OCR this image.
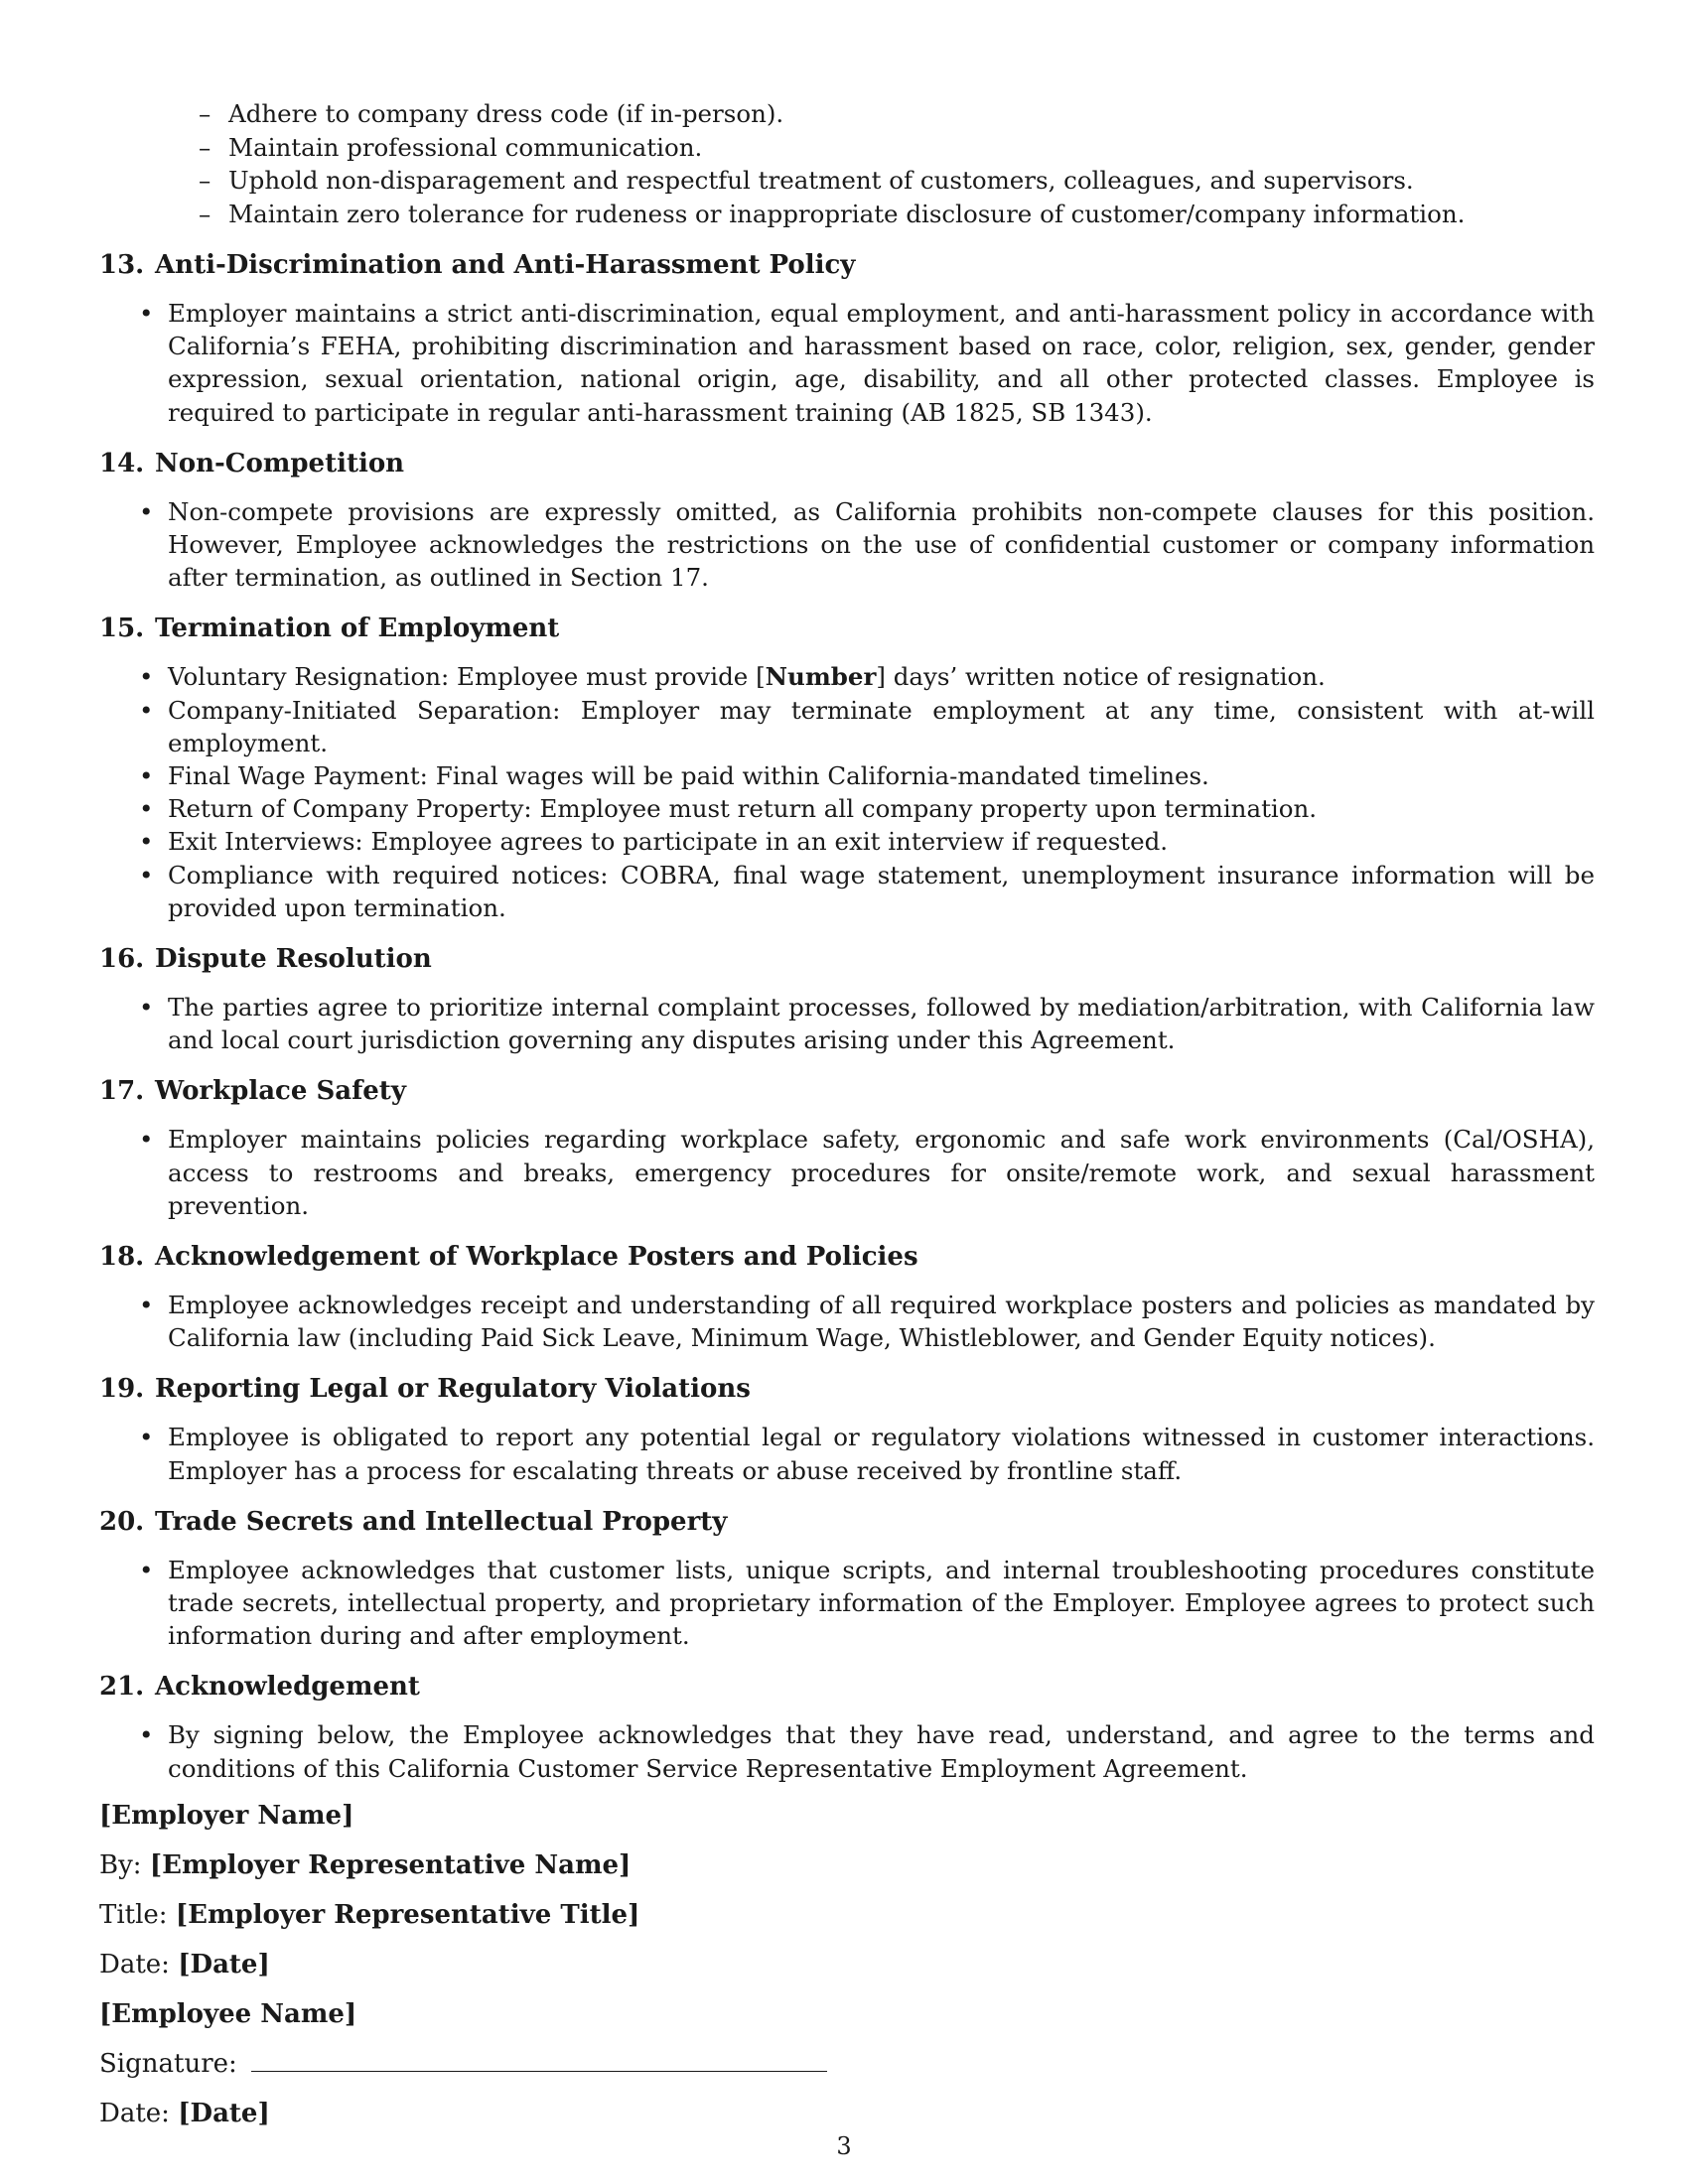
– Adhere to company dress code (if in-person).
– Maintain professional communication.
– Uphold non-disparagement and respectful treatment of customers, colleagues, and supervisors.
– Maintain zero tolerance for rudeness or inappropriate disclosure of customer/company information.
13. Anti-Discrimination and Anti-Harassment Policy
• Employer maintains a strict anti-discrimination, equal employment, and anti-harassment policy in accordance with California’s FEHA, prohibiting discrimination and harassment based on race, color, religion, sex, gender, gender expression, sexual orientation, national origin, age, disability, and all other protected classes. Employee is required to participate in regular anti-harassment training (AB 1825, SB 1343).
14. Non-Competition
• Non-compete provisions are expressly omitted, as California prohibits non-compete clauses for this position. However, Employee acknowledges the restrictions on the use of confidential customer or company information after termination, as outlined in Section 17.
15. Termination of Employment
• Voluntary Resignation: Employee must provide [Number] days’ written notice of resignation.
• Company-Initiated Separation: Employer may terminate employment at any time, consistent with at-will employment.
• Final Wage Payment: Final wages will be paid within California-mandated timelines.
• Return of Company Property: Employee must return all company property upon termination.
• Exit Interviews: Employee agrees to participate in an exit interview if requested.
• Compliance with required notices: COBRA, final wage statement, unemployment insurance information will be provided upon termination.
16. Dispute Resolution
• The parties agree to prioritize internal complaint processes, followed by mediation/arbitration, with California law and local court jurisdiction governing any disputes arising under this Agreement.
17. Workplace Safety
• Employer maintains policies regarding workplace safety, ergonomic and safe work environments (Cal/OSHA), access to restrooms and breaks, emergency procedures for onsite/remote work, and sexual harassment prevention.
18. Acknowledgement of Workplace Posters and Policies
• Employee acknowledges receipt and understanding of all required workplace posters and policies as mandated by California law (including Paid Sick Leave, Minimum Wage, Whistleblower, and Gender Equity notices).
19. Reporting Legal or Regulatory Violations
• Employee is obligated to report any potential legal or regulatory violations witnessed in customer interactions. Employer has a process for escalating threats or abuse received by frontline staff.
20. Trade Secrets and Intellectual Property
• Employee acknowledges that customer lists, unique scripts, and internal troubleshooting procedures constitute trade secrets, intellectual property, and proprietary information of the Employer. Employee agrees to protect such information during and after employment.
21. Acknowledgement
• By signing below, the Employee acknowledges that they have read, understand, and agree to the terms and conditions of this California Customer Service Representative Employment Agreement.
[Employer Name]
By: [Employer Representative Name]
Title: [Employer Representative Title]
Date: [Date]
[Employee Name]
Signature:
Date: [Date]
3
